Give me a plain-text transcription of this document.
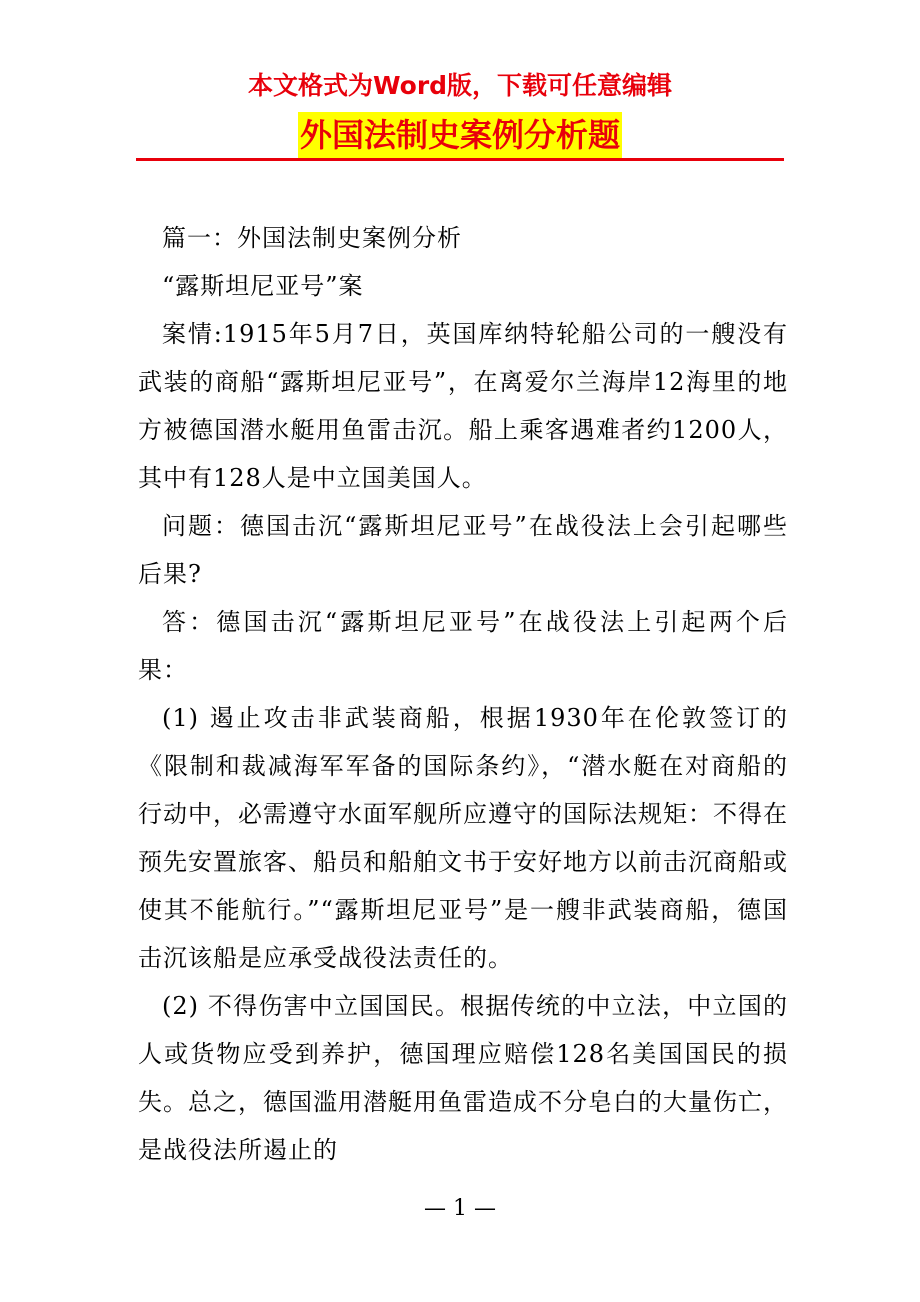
本文格式为Word版，下载可任意编辑
外国法制史案例分析题

篇一：外国法制史案例分析

“露斯坦尼亚号”案

案情:1915年5月7日，英国库纳特轮船公司的一艘没有武装的商船“露斯坦尼亚号”，在离爱尔兰海岸12海里的地方被德国潜水艇用鱼雷击沉。船上乘客遇难者约1200人，其中有128人是中立国美国人。

问题：德国击沉“露斯坦尼亚号”在战役法上会引起哪些后果?

答：德国击沉“露斯坦尼亚号”在战役法上引起两个后果：

(1) 遏止攻击非武装商船，根据1930年在伦敦签订的《限制和裁减海军军备的国际条约》，“潜水艇在对商船的行动中，必需遵守水面军舰所应遵守的国际法规矩：不得在预先安置旅客、船员和船舶文书于安好地方以前击沉商船或使其不能航行。”“露斯坦尼亚号”是一艘非武装商船，德国击沉该船是应承受战役法责任的。

(2) 不得伤害中立国国民。根据传统的中立法，中立国的人或货物应受到养护，德国理应赔偿128名美国国民的损失。总之，德国滥用潜艇用鱼雷造成不分皂白的大量伤亡，是战役法所遏止的

— 1 —
